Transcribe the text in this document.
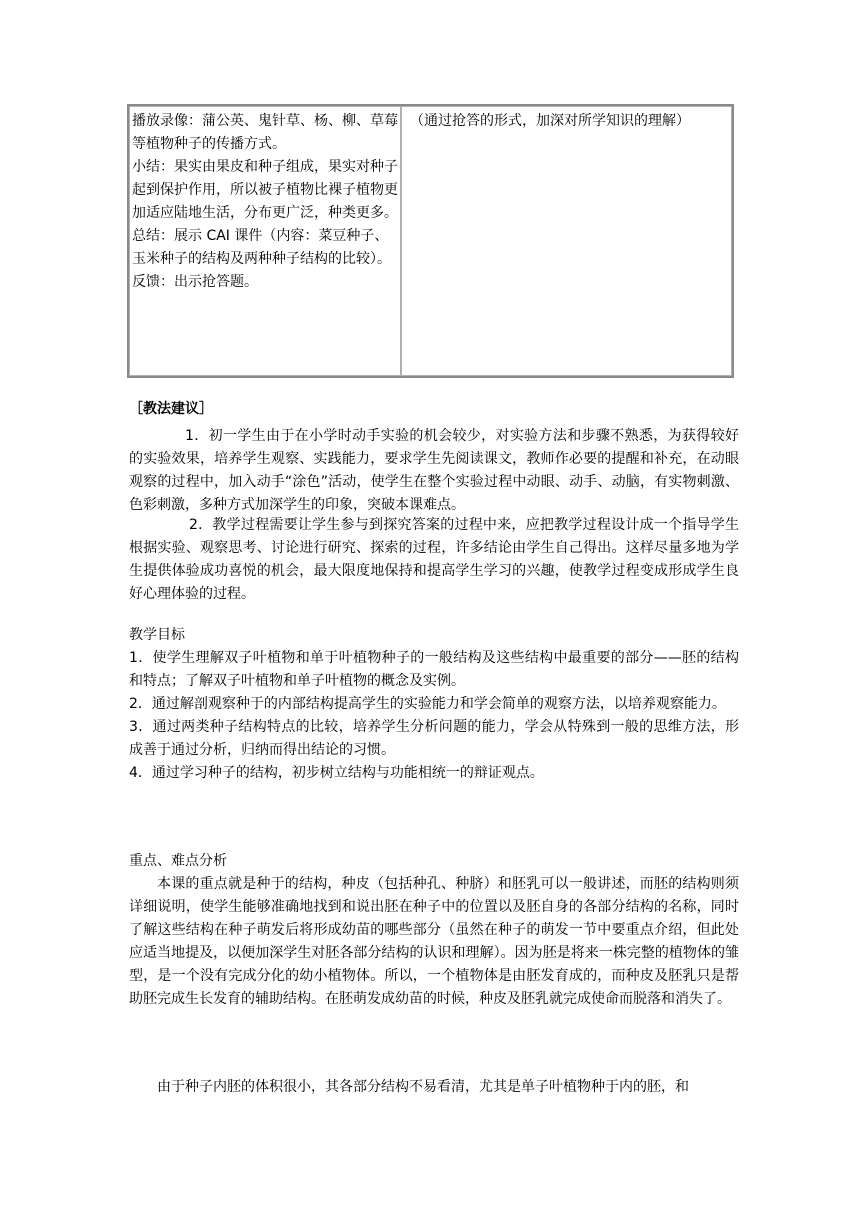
播放录像：蒲公英、鬼针草、杨、柳、草莓等植物种子的传播方式。

小结：果实由果皮和种子组成，果实对种子起到保护作用，所以被子植物比裸子植物更加适应陆地生活，分布更广泛，种类更多。

总结：展示 CAI 课件（内容：菜豆种子、玉米种子的结构及两种种子结构的比较）。

反馈：出示抢答题。

	（通过抢答的形式，加深对所学知识的理解）
［教法建议］

1．初一学生由于在小学时动手实验的机会较少，对实验方法和步骤不熟悉，为获得较好的实验效果，培养学生观察、实践能力，要求学生先阅读课文，教师作必要的提醒和补充，在动眼观察的过程中，加入动手“涂色”活动，使学生在整个实验过程中动眼、动手、动脑，有实物刺激、色彩刺激，多种方式加深学生的印象，突破本课难点。

2．教学过程需要让学生参与到探究答案的过程中来，应把教学过程设计成一个指导学生根据实验、观察思考、讨论进行研究、探索的过程，许多结论由学生自己得出。这样尽量多地为学生提供体验成功喜悦的机会，最大限度地保持和提高学生学习的兴趣，使教学过程变成形成学生良好心理体验的过程。

教学目标

1．使学生理解双子叶植物和单于叶植物种子的一般结构及这些结构中最重要的部分——胚的结构和特点；了解双子叶植物和单子叶植物的概念及实例。

2．通过解剖观察种于的内部结构提高学生的实验能力和学会简单的观察方法，以培养观察能力。

3．通过两类种子结构特点的比较，培养学生分析问题的能力，学会从特殊到一般的思维方法，形成善于通过分析，归纳而得出结论的习惯。

4．通过学习种子的结构，初步树立结构与功能相统一的辩证观点。

重点、难点分析

本课的重点就是种于的结构，种皮（包括种孔、种脐）和胚乳可以一般讲述，而胚的结构则须详细说明，使学生能够准确地找到和说出胚在种子中的位置以及胚自身的各部分结构的名称，同时了解这些结构在种子萌发后将形成幼苗的哪些部分（虽然在种子的萌发一节中要重点介绍，但此处应适当地提及，以便加深学生对胚各部分结构的认识和理解）。因为胚是将来一株完整的植物体的雏型，是一个没有完成分化的幼小植物体。所以，一个植物体是由胚发育成的，而种皮及胚乳只是帮助胚完成生长发育的辅助结构。在胚萌发成幼苗的时候，种皮及胚乳就完成使命而脱落和消失了。

由于种子内胚的体积很小，其各部分结构不易看清，尤其是单子叶植物种于内的胚，和
